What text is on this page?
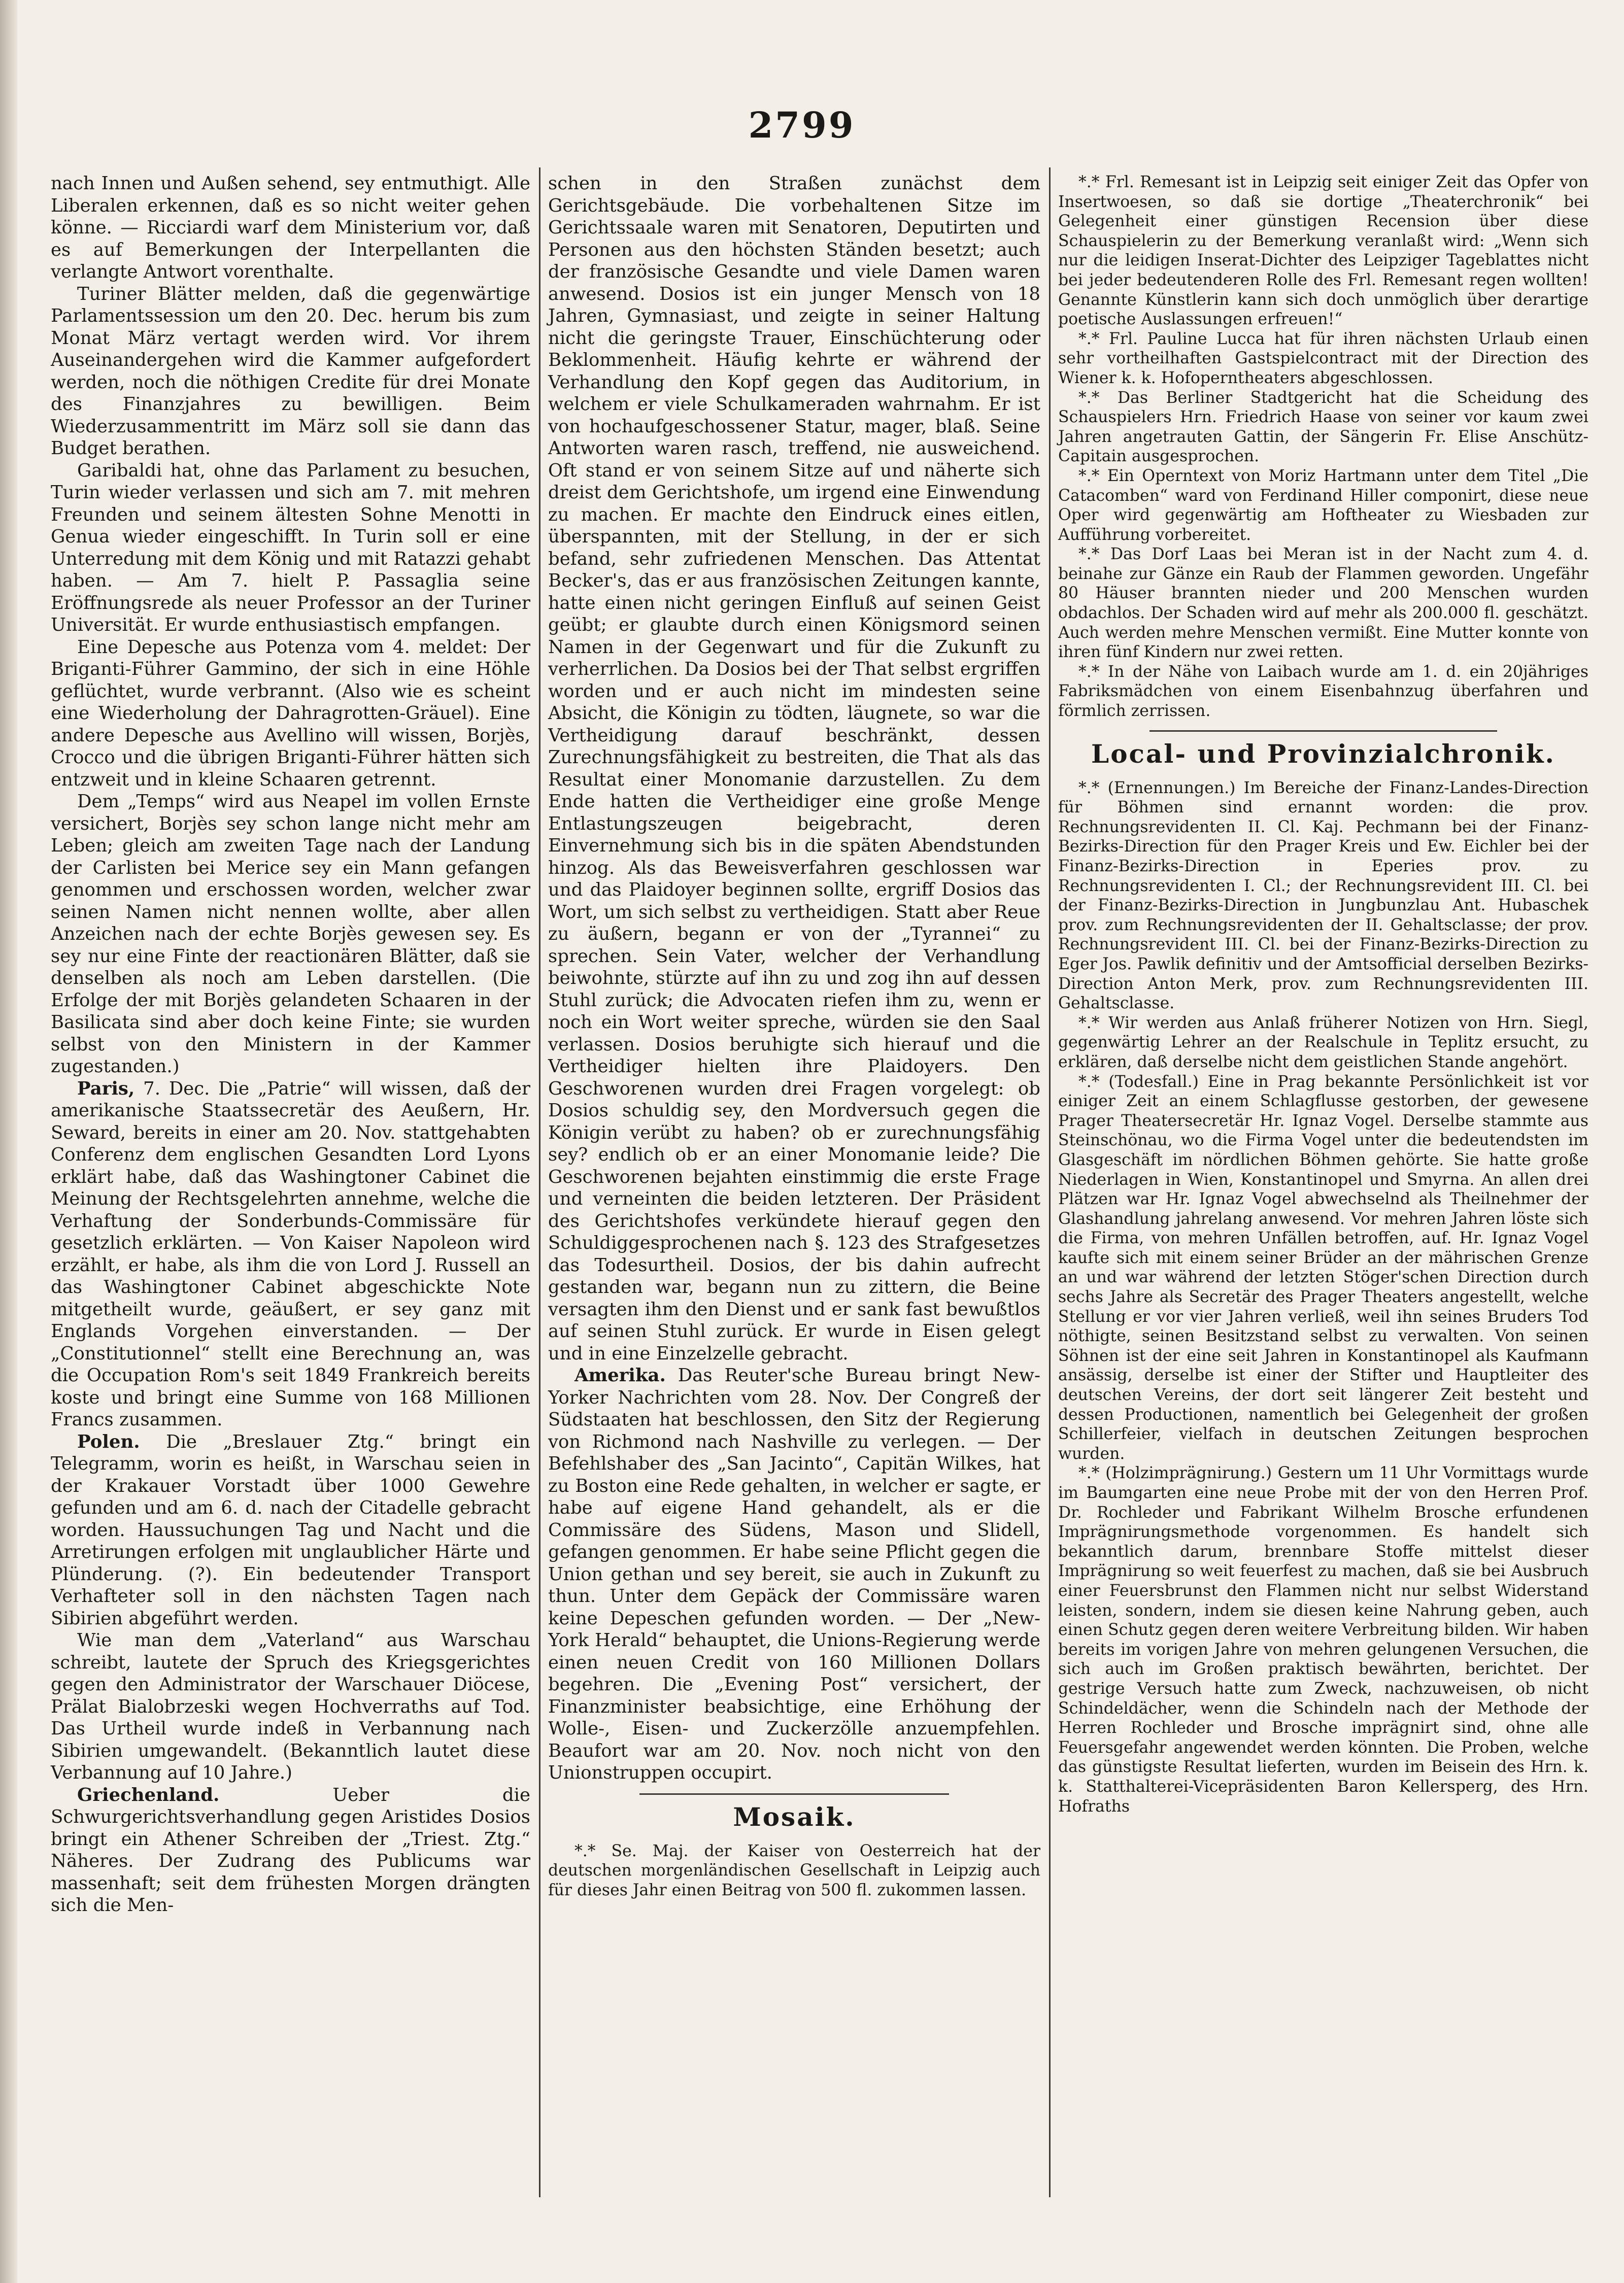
2799

nach Innen und Außen sehend, sey entmuthigt. Alle Liberalen erkennen, daß es so nicht weiter gehen könne. — Ricciardi warf dem Ministerium vor, daß es auf Bemerkungen der Interpellanten die verlangte Antwort vorenthalte.

Turiner Blätter melden, daß die gegenwärtige Parlamentssession um den 20. Dec. herum bis zum Monat März vertagt werden wird. Vor ihrem Auseinandergehen wird die Kammer aufgefordert werden, noch die nöthigen Credite für drei Monate des Finanzjahres zu bewilligen. Beim Wiederzusammentritt im März soll sie dann das Budget berathen.

Garibaldi hat, ohne das Parlament zu besuchen, Turin wieder verlassen und sich am 7. mit mehren Freunden und seinem ältesten Sohne Menotti in Genua wieder eingeschifft. In Turin soll er eine Unterredung mit dem König und mit Ratazzi gehabt haben. — Am 7. hielt P. Passaglia seine Eröffnungsrede als neuer Professor an der Turiner Universität. Er wurde enthusiastisch empfangen.

Eine Depesche aus Potenza vom 4. meldet: Der Briganti-Führer Gammino, der sich in eine Höhle geflüchtet, wurde verbrannt. (Also wie es scheint eine Wiederholung der Dahragrotten-Gräuel). Eine andere Depesche aus Avellino will wissen, Borjès, Crocco und die übrigen Briganti-Führer hätten sich entzweit und in kleine Schaaren getrennt.

Dem „Temps“ wird aus Neapel im vollen Ernste versichert, Borjès sey schon lange nicht mehr am Leben; gleich am zweiten Tage nach der Landung der Carlisten bei Merice sey ein Mann gefangen genommen und erschossen worden, welcher zwar seinen Namen nicht nennen wollte, aber allen Anzeichen nach der echte Borjès gewesen sey. Es sey nur eine Finte der reactionären Blätter, daß sie denselben als noch am Leben darstellen. (Die Erfolge der mit Borjès gelandeten Schaaren in der Basilicata sind aber doch keine Finte; sie wurden selbst von den Ministern in der Kammer zugestanden.)

Paris, 7. Dec. Die „Patrie“ will wissen, daß der amerikanische Staatssecretär des Aeußern, Hr. Seward, bereits in einer am 20. Nov. stattgehabten Conferenz dem englischen Gesandten Lord Lyons erklärt habe, daß das Washingtoner Cabinet die Meinung der Rechtsgelehrten annehme, welche die Verhaftung der Sonderbunds-Commissäre für gesetzlich erklärten. — Von Kaiser Napoleon wird erzählt, er habe, als ihm die von Lord J. Russell an das Washingtoner Cabinet abgeschickte Note mitgetheilt wurde, geäußert, er sey ganz mit Englands Vorgehen einverstanden. — Der „Constitutionnel“ stellt eine Berechnung an, was die Occupation Rom's seit 1849 Frankreich bereits koste und bringt eine Summe von 168 Millionen Francs zusammen.

Polen. Die „Breslauer Ztg.“ bringt ein Telegramm, worin es heißt, in Warschau seien in der Krakauer Vorstadt über 1000 Gewehre gefunden und am 6. d. nach der Citadelle gebracht worden. Haussuchungen Tag und Nacht und die Arretirungen erfolgen mit unglaublicher Härte und Plünderung. (?). Ein bedeutender Transport Verhafteter soll in den nächsten Tagen nach Sibirien abgeführt werden.

Wie man dem „Vaterland“ aus Warschau schreibt, lautete der Spruch des Kriegsgerichtes gegen den Administrator der Warschauer Diöcese, Prälat Bialobrzeski wegen Hochverraths auf Tod. Das Urtheil wurde indeß in Verbannung nach Sibirien umgewandelt. (Bekanntlich lautet diese Verbannung auf 10 Jahre.)

Griechenland.	Ueber die Schwurgerichtsverhandlung gegen Aristides Dosios bringt ein Athener Schreiben der „Triest. Ztg.“ Näheres. Der Zudrang des Publicums war massenhaft; seit dem frühesten Morgen drängten sich die Men-

schen in den Straßen zunächst dem Gerichtsgebäude. Die vorbehaltenen Sitze im Gerichtssaale waren mit Senatoren, Deputirten und Personen aus den höchsten Ständen besetzt; auch der französische Gesandte und viele Damen waren anwesend. Dosios ist ein junger Mensch von 18 Jahren, Gymnasiast, und zeigte in seiner Haltung nicht die geringste Trauer, Einschüchterung oder Beklommenheit. Häufig kehrte er während der Verhandlung den Kopf gegen das Auditorium, in welchem er viele Schulkameraden wahrnahm. Er ist von hochaufgeschossener Statur, mager, blaß. Seine Antworten waren rasch, treffend, nie ausweichend. Oft stand er von seinem Sitze auf und näherte sich dreist dem Gerichtshofe, um irgend eine Einwendung zu machen. Er machte den Eindruck eines eitlen, überspannten, mit der Stellung, in der er sich befand, sehr zufriedenen Menschen. Das Attentat Becker's, das er aus französischen Zeitungen kannte, hatte einen nicht geringen Einfluß auf seinen Geist geübt; er glaubte durch einen Königsmord seinen Namen in der Gegenwart und für die Zukunft zu verherrlichen. Da Dosios bei der That selbst ergriffen worden und er auch nicht im mindesten seine Absicht, die Königin zu tödten, läugnete, so war die Vertheidigung darauf beschränkt, dessen Zurechnungsfähigkeit zu bestreiten, die That als das Resultat einer Monomanie darzustellen. Zu dem Ende hatten die Vertheidiger eine große Menge Entlastungszeugen beigebracht, deren Einvernehmung sich bis in die späten Abendstunden hinzog. Als das Beweisverfahren geschlossen war und das Plaidoyer beginnen sollte, ergriff Dosios das Wort, um sich selbst zu vertheidigen. Statt aber Reue zu äußern, begann er von der „Tyrannei“ zu sprechen. Sein Vater, welcher der Verhandlung beiwohnte, stürzte auf ihn zu und zog ihn auf dessen Stuhl zurück; die Advocaten riefen ihm zu, wenn er noch ein Wort weiter spreche, würden sie den Saal verlassen. Dosios beruhigte sich hierauf und die Vertheidiger hielten ihre Plaidoyers. Den Geschworenen wurden drei Fragen vorgelegt: ob Dosios schuldig sey, den Mordversuch gegen die Königin verübt zu haben? ob er zurechnungsfähig sey? endlich ob er an einer Monomanie leide? Die Geschworenen bejahten einstimmig die erste Frage und verneinten die beiden letzteren. Der Präsident des Gerichtshofes verkündete hierauf gegen den Schuldiggesprochenen nach §. 123 des Strafgesetzes das Todesurtheil. Dosios, der bis dahin aufrecht gestanden war, begann nun zu zittern, die Beine versagten ihm den Dienst und er sank fast bewußtlos auf seinen Stuhl zurück. Er wurde in Eisen gelegt und in eine Einzelzelle gebracht.

Amerika. Das Reuter'sche Bureau bringt New-Yorker Nachrichten vom 28. Nov. Der Congreß der Südstaaten hat beschlossen, den Sitz der Regierung von Richmond nach Nashville zu verlegen. — Der Befehlshaber des „San Jacinto“, Capitän Wilkes, hat zu Boston eine Rede gehalten, in welcher er sagte, er habe auf eigene Hand gehandelt, als er die Commissäre des Südens, Mason und Slidell, gefangen genommen. Er habe seine Pflicht gegen die Union gethan und sey bereit, sie auch in Zukunft zu thun. Unter dem Gepäck der Commissäre waren keine Depeschen gefunden worden. — Der „New-York Herald“ behauptet, die Unions-Regierung werde einen neuen Credit von 160 Millionen Dollars begehren. Die „Evening Post“ versichert, der Finanzminister beabsichtige, eine Erhöhung der Wolle-, Eisen- und Zuckerzölle anzuempfehlen. Beaufort war am 20. Nov. noch nicht von den Unionstruppen occupirt.

Mosaik.

*.* Se. Maj. der Kaiser von Oesterreich hat der deutschen morgenländischen Gesellschaft in Leipzig auch für dieses Jahr einen Beitrag von 500 fl. zukommen lassen.

*.* Frl. Remesant ist in Leipzig seit einiger Zeit das Opfer von Insertwoesen, so daß sie dortige „Theaterchronik“ bei Gelegenheit einer günstigen Recension über diese Schauspielerin zu der Bemerkung veranlaßt wird: „Wenn sich nur die leidigen Inserat-Dichter des Leipziger Tageblattes nicht bei jeder bedeutenderen Rolle des Frl. Remesant regen wollten! Genannte Künstlerin kann sich doch unmöglich über derartige poetische Auslassungen erfreuen!“

*.* Frl. Pauline Lucca hat für ihren nächsten Urlaub einen sehr vortheilhaften Gastspielcontract mit der Direction des Wiener k. k. Hofoperntheaters abgeschlossen.

*.* Das Berliner Stadtgericht hat die Scheidung des Schauspielers Hrn. Friedrich Haase von seiner vor kaum zwei Jahren angetrauten Gattin, der Sängerin Fr. Elise Anschütz-Capitain ausgesprochen.

*.* Ein Operntext von Moriz Hartmann unter dem Titel „Die Catacomben“ ward von Ferdinand Hiller componirt, diese neue Oper wird gegenwärtig am Hoftheater zu Wiesbaden zur Aufführung vorbereitet.

*.* Das Dorf Laas bei Meran ist in der Nacht zum 4. d. beinahe zur Gänze ein Raub der Flammen geworden. Ungefähr 80 Häuser brannten nieder und 200 Menschen wurden obdachlos. Der Schaden wird auf mehr als 200.000 fl. geschätzt. Auch werden mehre Menschen vermißt. Eine Mutter konnte von ihren fünf Kindern nur zwei retten.

*.* In der Nähe von Laibach wurde am 1. d. ein 20jähriges Fabriksmädchen von einem Eisenbahnzug überfahren und förmlich zerrissen.

Local- und Provinzialchronik.

*.* (Ernennungen.) Im Bereiche der Finanz-Landes-Direction für Böhmen sind ernannt worden: die prov. Rechnungsrevidenten II. Cl. Kaj. Pechmann bei der Finanz-Bezirks-Direction für den Prager Kreis und Ew. Eichler bei der Finanz-Bezirks-Direction in Eperies prov. zu Rechnungsrevidenten I. Cl.; der Rechnungsrevident III. Cl. bei der Finanz-Bezirks-Direction in Jungbunzlau Ant. Hubaschek prov. zum Rechnungsrevidenten der II. Gehaltsclasse; der prov. Rechnungsrevident III. Cl. bei der Finanz-Bezirks-Direction zu Eger Jos. Pawlik definitiv und der Amtsofficial derselben Bezirks-Direction Anton Merk, prov. zum Rechnungsrevidenten III. Gehaltsclasse.

*.* Wir werden aus Anlaß früherer Notizen von Hrn. Siegl, gegenwärtig Lehrer an der Realschule in Teplitz ersucht, zu erklären, daß derselbe nicht dem geistlichen Stande angehört.

*.* (Todesfall.) Eine in Prag bekannte Persönlichkeit ist vor einiger Zeit an einem Schlagflusse gestorben, der gewesene Prager Theatersecretär Hr. Ignaz Vogel. Derselbe stammte aus Steinschönau, wo die Firma Vogel unter die bedeutendsten im Glasgeschäft im nördlichen Böhmen gehörte. Sie hatte große Niederlagen in Wien, Konstantinopel und Smyrna. An allen drei Plätzen war Hr. Ignaz Vogel abwechselnd als Theilnehmer der Glashandlung jahrelang anwesend. Vor mehren Jahren löste sich die Firma, von mehren Unfällen betroffen, auf. Hr. Ignaz Vogel kaufte sich mit einem seiner Brüder an der mährischen Grenze an und war während der letzten Stöger'schen Direction durch sechs Jahre als Secretär des Prager Theaters angestellt, welche Stellung er vor vier Jahren verließ, weil ihn seines Bruders Tod nöthigte, seinen Besitzstand selbst zu verwalten. Von seinen Söhnen ist der eine seit Jahren in Konstantinopel als Kaufmann ansässig, derselbe ist einer der Stifter und Hauptleiter des deutschen Vereins, der dort seit längerer Zeit besteht und dessen Productionen, namentlich bei Gelegenheit der großen Schillerfeier, vielfach in deutschen Zeitungen besprochen wurden.

*.* (Holzimprägnirung.) Gestern um 11 Uhr Vormittags wurde im Baumgarten eine neue Probe mit der von den Herren Prof. Dr. Rochleder und Fabrikant Wilhelm Brosche erfundenen Imprägnirungsmethode vorgenommen. Es handelt sich bekanntlich darum, brennbare Stoffe mittelst dieser Imprägnirung so weit feuerfest zu machen, daß sie bei Ausbruch einer Feuersbrunst den Flammen nicht nur selbst Widerstand leisten, sondern, indem sie diesen keine Nahrung geben, auch einen Schutz gegen deren weitere Verbreitung bilden. Wir haben bereits im vorigen Jahre von mehren gelungenen Versuchen, die sich auch im Großen praktisch bewährten, berichtet. Der gestrige Versuch hatte zum Zweck, nachzuweisen, ob nicht Schindeldächer, wenn die Schindeln nach der Methode der Herren Rochleder und Brosche imprägnirt sind, ohne alle Feuersgefahr angewendet werden könnten. Die Proben, welche das günstigste Resultat lieferten, wurden im Beisein des Hrn. k. k. Statthalterei-Vicepräsidenten Baron Kellersperg, des Hrn. Hofraths
